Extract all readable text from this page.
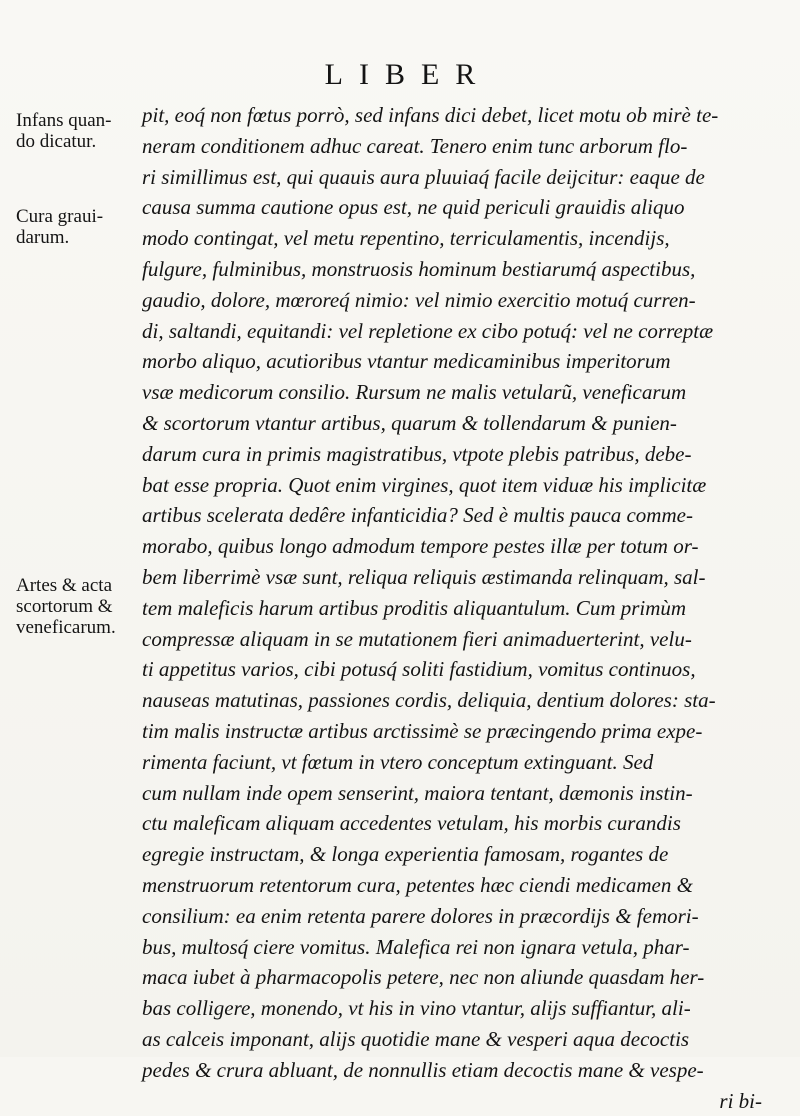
LIBER
Infans quan-
do dicatur.
Cura graui-
darum.
Artes & acta
scortorum &
veneficarum.
pit, eoq́ non fœtus porrò, sed infans dici debet, licet motu ob mirè te-
neram conditionem adhuc careat. Tenero enim tunc arborum flo-
ri simillimus est, qui quauis aura pluuiaq́ facile deijcitur: eaque de
causa summa cautione opus est, ne quid periculi grauidis aliquo
modo contingat, vel metu repentino, terriculamentis, incendijs,
fulgure, fulminibus, monstruosis hominum bestiarumq́ aspectibus,
gaudio, dolore, mœroreq́ nimio: vel nimio exercitio motuq́ curren-
di, saltandi, equitandi: vel repletione ex cibo potuq́: vel ne correptæ
morbo aliquo, acutioribus vtantur medicaminibus imperitorum
vsæ medicorum consilio. Rursum ne malis vetularũ, veneficarum
& scortorum vtantur artibus, quarum & tollendarum & punien-
darum cura in primis magistratibus, vtpote plebis patribus, debe-
bat esse propria. Quot enim virgines, quot item viduæ his implicitæ
artibus scelerata dedêre infanticidia? Sed è multis pauca comme-
morabo, quibus longo admodum tempore pestes illæ per totum or-
bem liberrimè vsæ sunt, reliqua reliquis æstimanda relinquam, sal-
tem maleficis harum artibus proditis aliquantulum. Cum primùm
compressæ aliquam in se mutationem fieri animaduerterint, velu-
ti appetitus varios, cibi potusq́ soliti fastidium, vomitus continuos,
nauseas matutinas, passiones cordis, deliquia, dentium dolores: sta-
tim malis instructæ artibus arctissimè se præcingendo prima expe-
rimenta faciunt, vt fœtum in vtero conceptum extinguant. Sed
cum nullam inde opem senserint, maiora tentant, dæmonis instin-
ctu maleficam aliquam accedentes vetulam, his morbis curandis
egregie instructam, & longa experientia famosam, rogantes de
menstruorum retentorum cura, petentes hæc ciendi medicamen &
consilium: ea enim retenta parere dolores in præcordijs & femori-
bus, multosq́ ciere vomitus. Malefica rei non ignara vetula, phar-
maca iubet à pharmacopolis petere, nec non aliunde quasdam her-
bas colligere, monendo, vt his in vino vtantur, alijs suffiantur, ali-
as calceis imponant, alijs quotidie mane & vesperi aqua decoctis
pedes & crura abluant, de nonnullis etiam decoctis mane & vespe-
ri bi-
